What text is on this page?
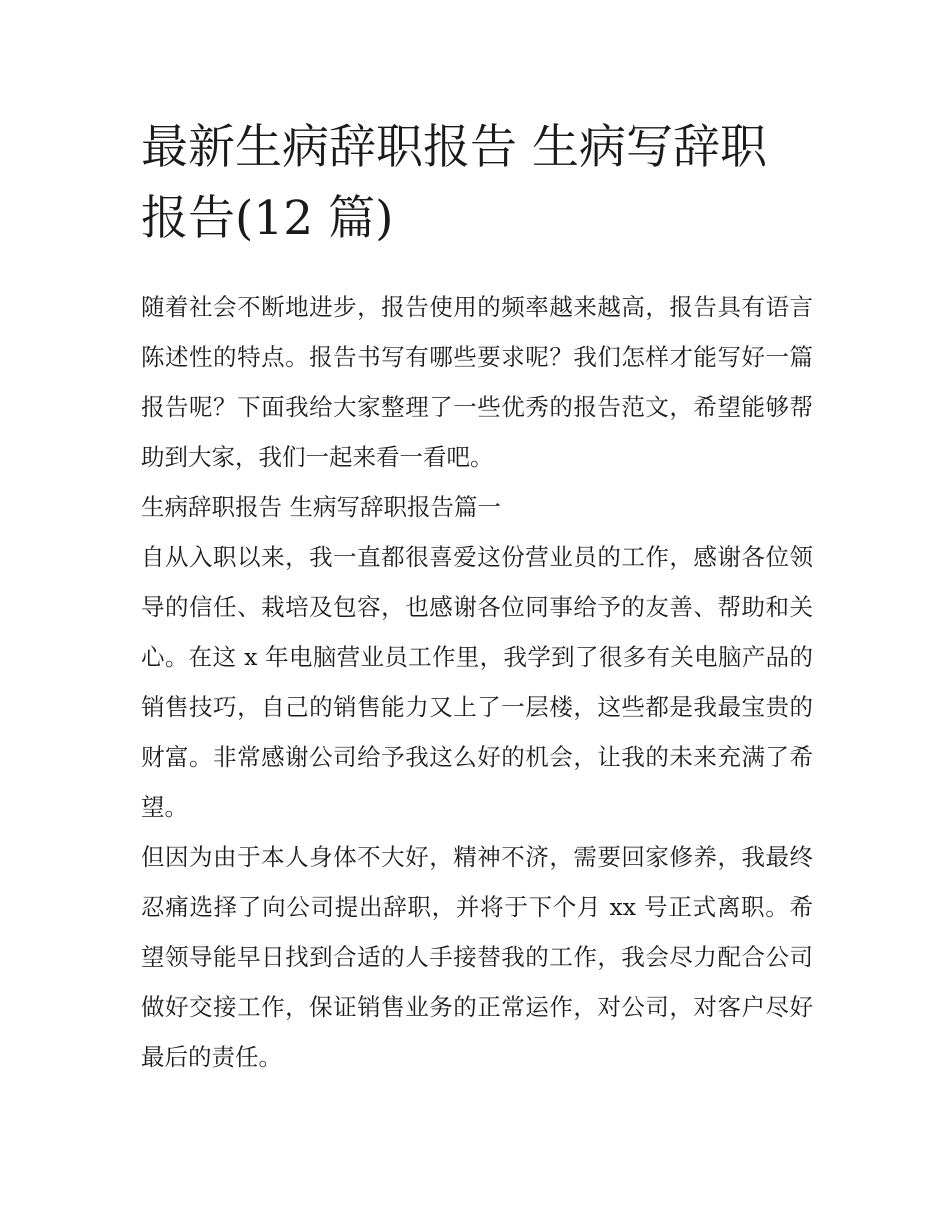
最新生病辞职报告 生病写辞职
报告(12 篇)

随着社会不断地进步，报告使用的频率越来越高，报告具有语言陈述性的特点。报告书写有哪些要求呢？我们怎样才能写好一篇报告呢？下面我给大家整理了一些优秀的报告范文，希望能够帮助到大家，我们一起来看一看吧。

生病辞职报告 生病写辞职报告篇一

自从入职以来，我一直都很喜爱这份营业员的工作，感谢各位领导的信任、栽培及包容，也感谢各位同事给予的友善、帮助和关心。在这 x 年电脑营业员工作里，我学到了很多有关电脑产品的销售技巧，自己的销售能力又上了一层楼，这些都是我最宝贵的财富。非常感谢公司给予我这么好的机会，让我的未来充满了希望。

但因为由于本人身体不大好，精神不济，需要回家修养，我最终忍痛选择了向公司提出辞职，并将于下个月 xx 号正式离职。希望领导能早日找到合适的人手接替我的工作，我会尽力配合公司做好交接工作，保证销售业务的正常运作，对公司，对客户尽好最后的责任。
